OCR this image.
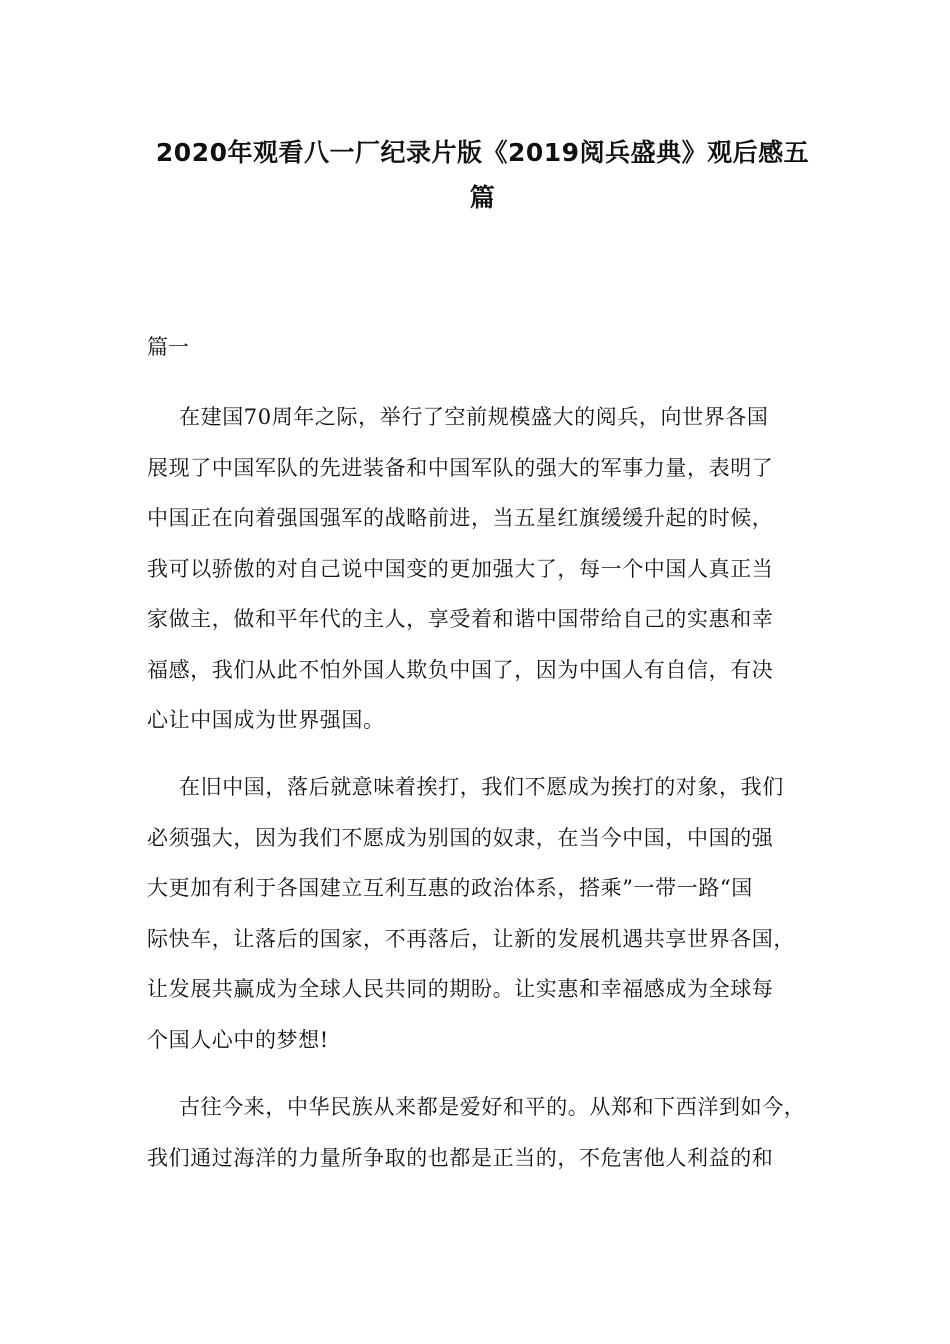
2020年观看八一厂纪录片版《2019阅兵盛典》观后感五
篇
篇一
在建国70周年之际，举行了空前规模盛大的阅兵，向世界各国
展现了中国军队的先进装备和中国军队的强大的军事力量，表明了
中国正在向着强国强军的战略前进，当五星红旗缓缓升起的时候，
我可以骄傲的对自己说中国变的更加强大了，每一个中国人真正当
家做主，做和平年代的主人，享受着和谐中国带给自己的实惠和幸
福感，我们从此不怕外国人欺负中国了，因为中国人有自信，有决
心让中国成为世界强国。
在旧中国，落后就意味着挨打，我们不愿成为挨打的对象，我们
必须强大，因为我们不愿成为别国的奴隶，在当今中国，中国的强
大更加有利于各国建立互利互惠的政治体系，搭乘”一带一路“国
际快车，让落后的国家，不再落后，让新的发展机遇共享世界各国，
让发展共赢成为全球人民共同的期盼。让实惠和幸福感成为全球每
个国人心中的梦想!
古往今来，中华民族从来都是爱好和平的。从郑和下西洋到如今，
我们通过海洋的力量所争取的也都是正当的，不危害他人利益的和
